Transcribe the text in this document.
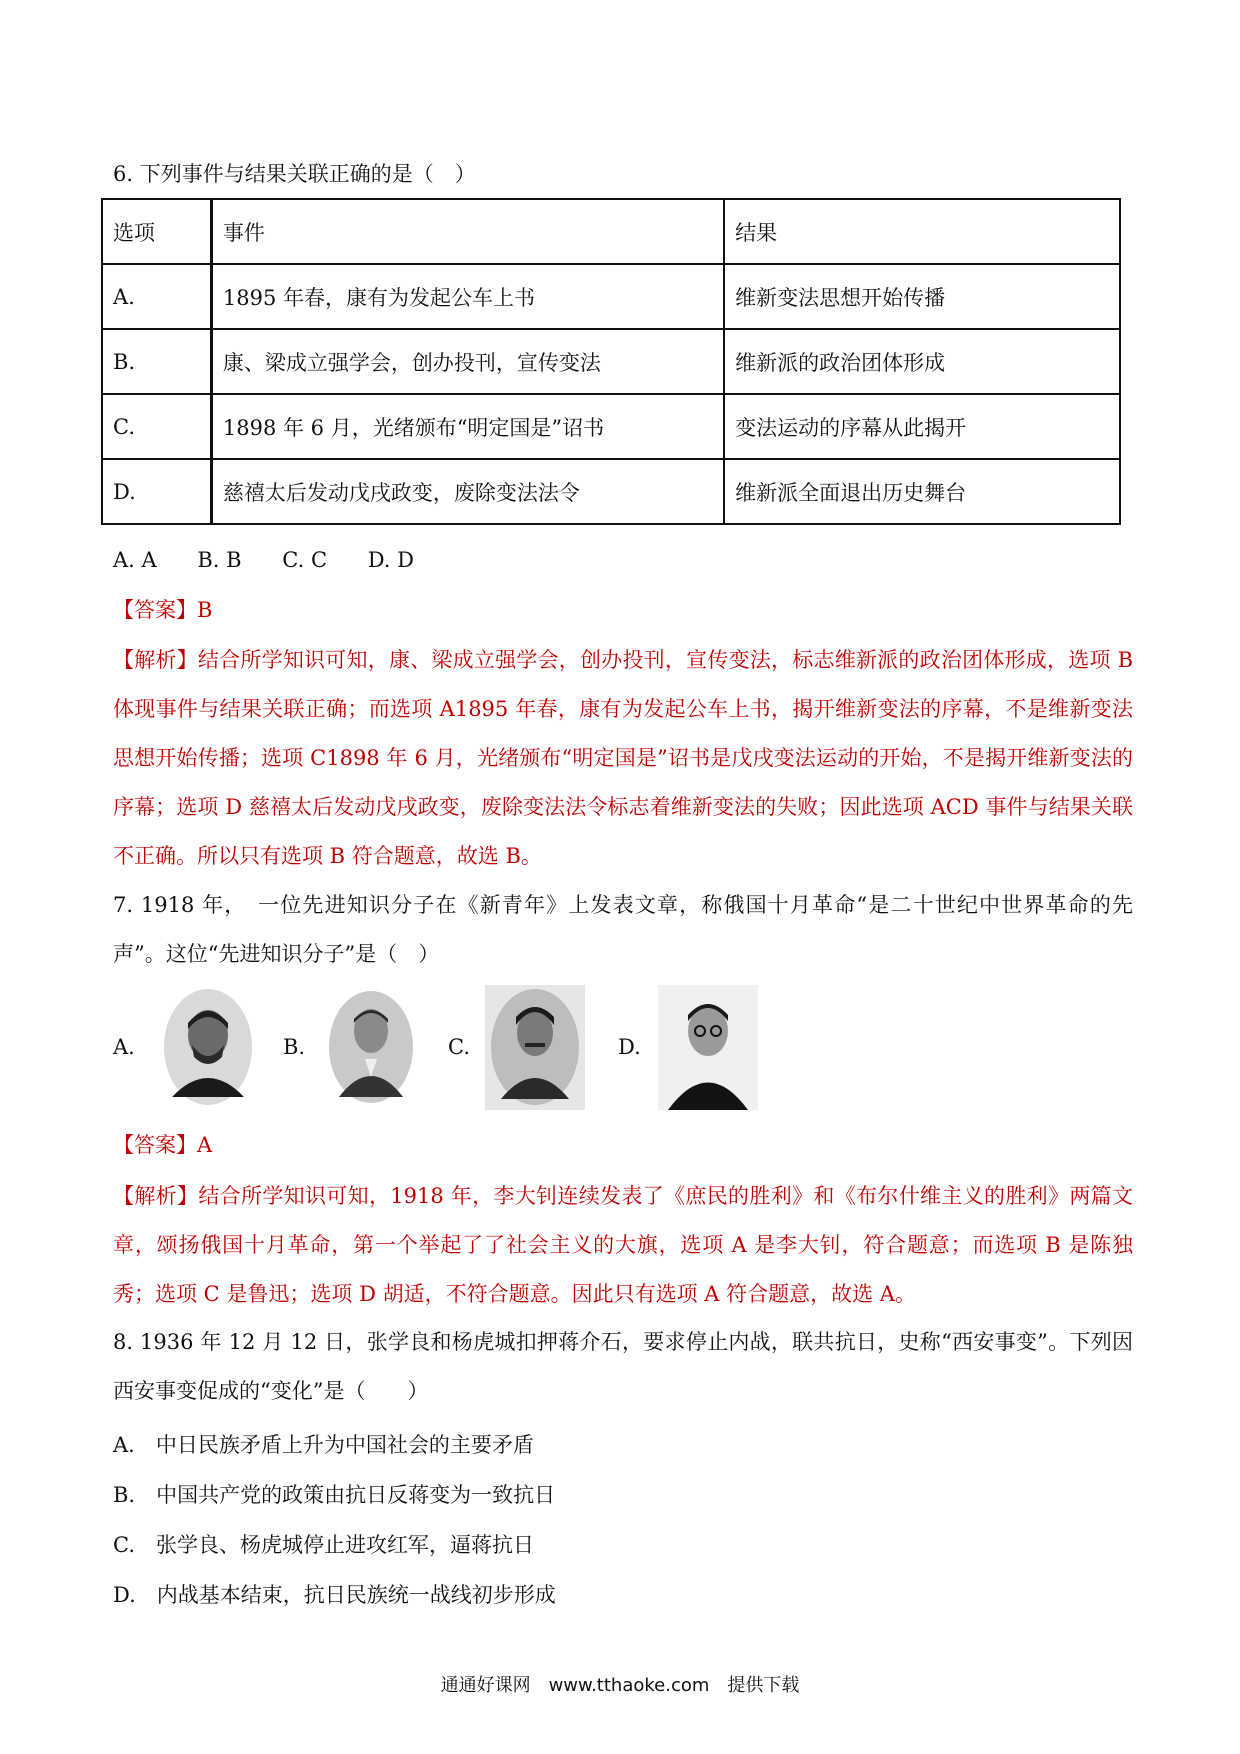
6. 下列事件与结果关联正确的是（　）
选项	事件	结果
A.	1895 年春，康有为发起公车上书	维新变法思想开始传播
B.	康、梁成立强学会，创办投刊，宣传变法	维新派的政治团体形成
C.	1898 年 6 月，光绪颁布“明定国是”诏书	变法运动的序幕从此揭开
D.	慈禧太后发动戊戌政变，废除变法法令	维新派全面退出历史舞台
A. A B. B C. C D. D
【答案】B
【解析】结合所学知识可知，康、梁成立强学会，创办投刊，宣传变法，标志维新派的政治团体形成，选项 B 体现事件与结果关联正确；而选项 A1895 年春，康有为发起公车上书，揭开维新变法的序幕，不是维新变法思想开始传播；选项 C1898 年 6 月，光绪颁布“明定国是”诏书是戊戌变法运动的开始，不是揭开维新变法的序幕；选项 D 慈禧太后发动戊戌政变，废除变法法令标志着维新变法的失败；因此选项 ACD 事件与结果关联不正确。所以只有选项 B 符合题意，故选 B。
7. 1918 年，　一位先进知识分子在《新青年》上发表文章，称俄国十月革命“是二十世纪中世界革命的先声”。这位“先进知识分子”是（　）
A.	B.	C.	D.
【答案】A
【解析】结合所学知识可知，1918 年，李大钊连续发表了《庶民的胜利》和《布尔什维主义的胜利》两篇文章，颂扬俄国十月革命，第一个举起了了社会主义的大旗，选项 A 是李大钊，符合题意；而选项 B 是陈独秀；选项 C 是鲁迅；选项 D 胡适，不符合题意。因此只有选项 A 符合题意，故选 A。
8. 1936 年 12 月 12 日，张学良和杨虎城扣押蒋介石，要求停止内战，联共抗日，史称“西安事变”。下列因西安事变促成的“变化”是（　　）
A.　中日民族矛盾上升为中国社会的主要矛盾
B.　中国共产党的政策由抗日反蒋变为一致抗日
C.　张学良、杨虎城停止进攻红军，逼蒋抗日
D.　内战基本结束，抗日民族统一战线初步形成
通通好课网　www.tthaoke.com　提供下载
